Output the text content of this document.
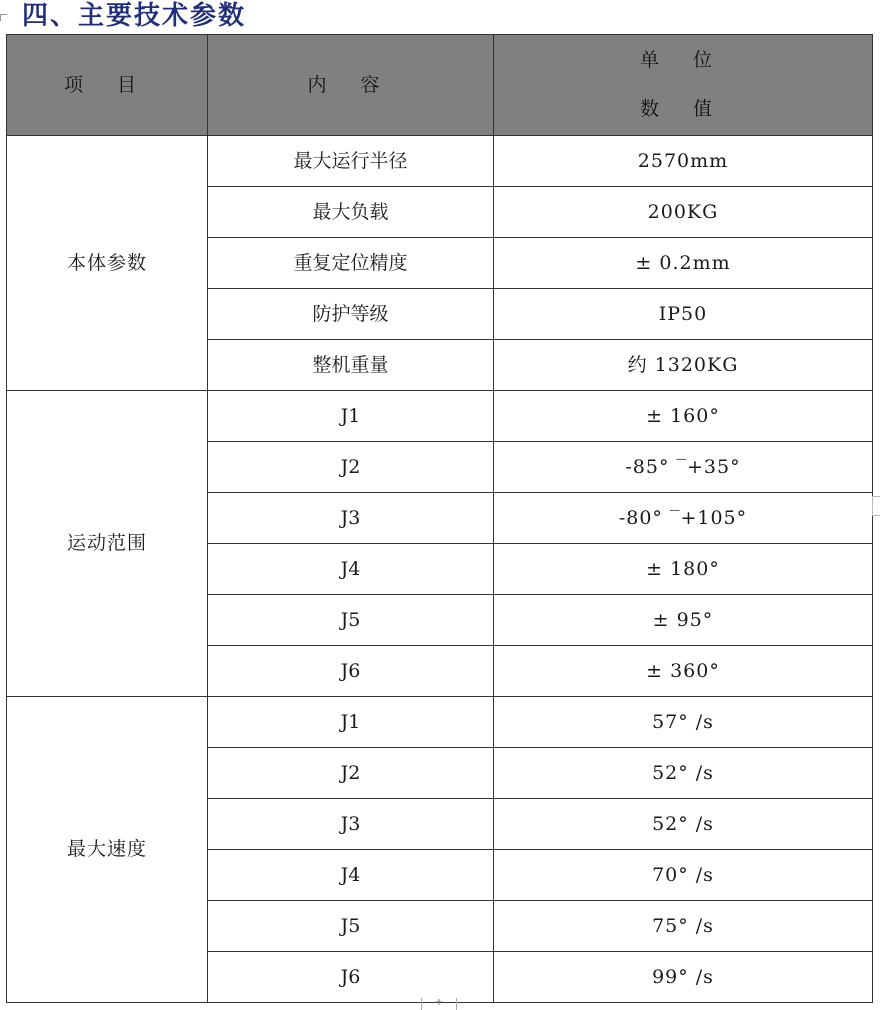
四、主要技术参数
项 目	内 容	单 位
数 值

本体参数	最大运行半径	2570mm
	最大负载	200KG
	重复定位精度	± 0.2mm
	防护等级	IP50
	整机重量	约 1320KG
运动范围	J1	± 160°
	J2	-85° ‾+35°
	J3	-80° ‾+105°
	J4	± 180°
	J5	± 95°
	J6	± 360°
最大速度	J1	57° /s
	J2	52° /s
	J3	52° /s
	J4	70° /s
	J5	75° /s
	J6	99° /s
+
